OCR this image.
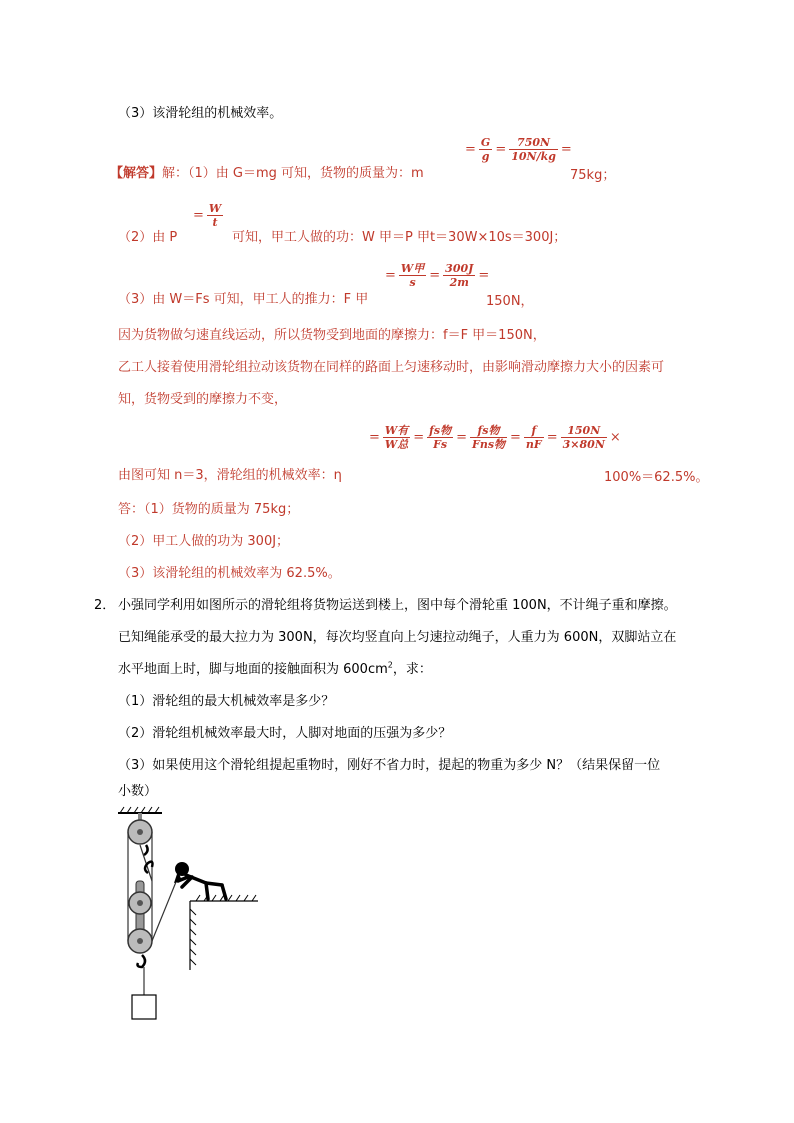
（3）该滑轮组的机械效率。
【解答】解：（1）由 G＝mg 可知，货物的质量为：m
= $\frac{G}{g} = \frac{750N}{10N/kg}$ =
75kg；
（2）由 P
= $\frac{W}{t}$
可知，甲工人做的功：W 甲＝P 甲t＝30W×10s＝300J；
（3）由 W＝Fs 可知，甲工人的推力：F 甲
= $\frac{\text{W甲}}{s} = \frac{300J}{2m}$ =
150N，
因为货物做匀速直线运动，所以货物受到地面的摩擦力：f＝F 甲＝150N，
乙工人接着使用滑轮组拉动该货物在同样的路面上匀速移动时，由影响滑动摩擦力大小的因素可
知，货物受到的摩擦力不变，
= $\frac{\text{W有}}{\text{W总}} = \frac{\text{fs物}}{Fs} = \frac{\text{fs物}}{\text{Fns物}} = \frac{f}{nF} = \frac{150N}{3\times 80N}$ ×
由图可知 n＝3，滑轮组的机械效率：η	100%＝62.5%。
答：（1）货物的质量为 75kg；
（2）甲工人做的功为 300J；
（3）该滑轮组的机械效率为 62.5%。
2． 小强同学利用如图所示的滑轮组将货物运送到楼上，图中每个滑轮重 100N，不计绳子重和摩擦。
已知绳能承受的最大拉力为 300N，每次均竖直向上匀速拉动绳子，人重力为 600N，双脚站立在
水平地面上时，脚与地面的接触面积为 $600cm^2$，求：
（1）滑轮组的最大机械效率是多少？
（2）滑轮组机械效率最大时，人脚对地面的压强为多少？
（3）如果使用这个滑轮组提起重物时，刚好不省力时，提起的物重为多少 N？（结果保留一位
小数）
